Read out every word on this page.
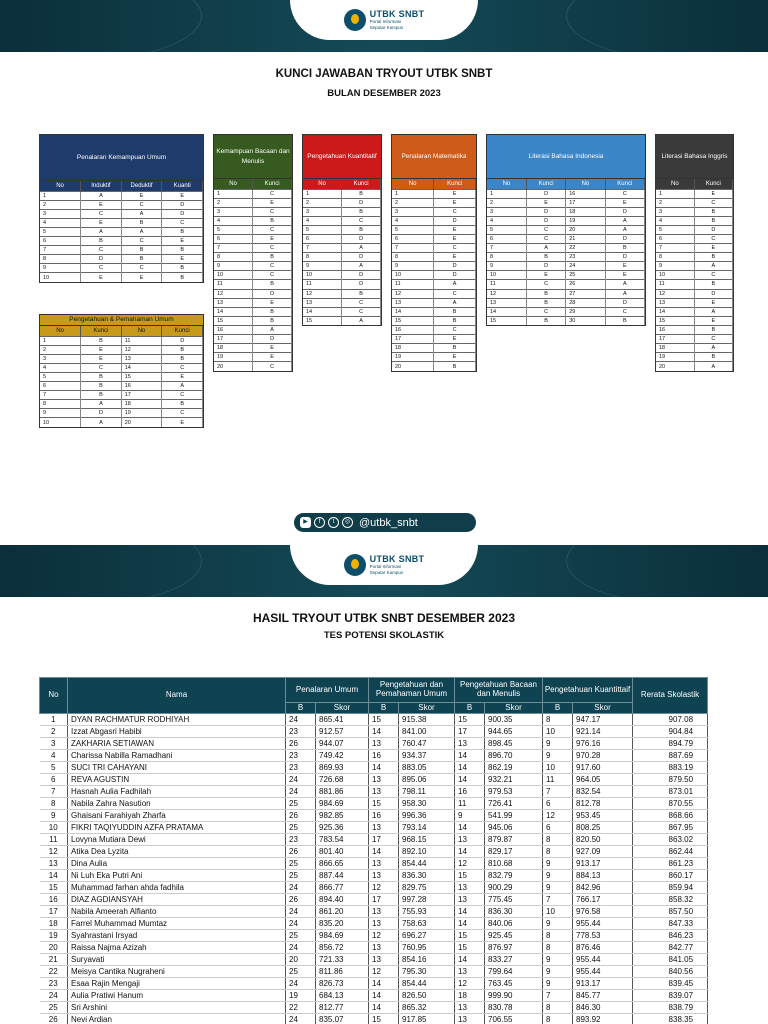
UTBK SNBT
Portal Informasi
Seputar Kampus
KUNCI JAWABAN TRYOUT UTBK SNBT
BULAN DESEMBER 2023
Penalaran Kemampuan Umum
No	Induktif	Deduktif	Kuanti
1	A	E	E
2	E	C	D
3	C	A	D
4	E	B	C
5	A	A	B
6	B	C	E
7	C	B	B
8	D	B	E
9	C	C	B
10	E	E	B
Pengetahuan & Pemahaman Umum
No	Kunci	No	Kunci
1	B	11	D
2	E	12	B
3	E	13	B
4	C	14	C
5	B	15	E
6	B	16	A
7	B	17	C
8	A	18	B
9	D	19	C
10	A	20	E
Kemampuan Bacaan dan Menulis
No	Kunci
1	C
2	E
3	C
4	B
5	C
6	E
7	C
8	B
9	C
10	C
11	B
12	D
13	E
14	B
15	B
16	A
17	D
18	E
19	E
20	C
Pengetahuan Kuantitatif
No	Kunci
1	B
2	D
3	B
4	C
5	B
6	D
7	A
8	D
9	A
10	D
11	D
12	B
13	C
14	C
15	A
Penalaran Matematika
No	Kunci
1	E
2	E
3	C
4	D
5	E
6	E
7	C
8	E
9	D
10	D
11	A
12	C
13	A
14	B
15	B
16	C
17	E
18	B
19	E
20	B
Literasi Bahasa Indonesia
No	Kunci	No	Kunci
1	D	16	C
2	E	17	E
3	D	18	D
4	D	19	A
5	C	20	A
6	C	21	D
7	A	22	B
8	B	23	D
9	D	24	E
10	E	25	E
11	C	26	A
12	B	27	A
13	B	28	D
14	C	29	C
15	B	30	B
Literasi Bahasa Inggris
No	Kunci
1	E
2	C
3	B
4	B
5	D
6	C
7	E
8	B
9	A
10	C
11	B
12	D
13	E
14	A
15	E
16	B
17	C
18	A
19	B
20	A
▶	f	t	◎ @utbk_snbt
UTBK SNBT
Portal Informasi
Seputar Kampus
HASIL TRYOUT UTBK SNBT DESEMBER 2023
TES POTENSI SKOLASTIK
No	Nama	Penalaran Umum		Pengetahuan dan Pemahaman Umum		Pengetahuan Bacaan dan Menulis		Pengetahuan Kuantittaif		Rerata Skolastik
		B	Skor	B	Skor	B	Skor	B	Skor	
1	DYAN RACHMATUR RODHIYAH	24	865.41	15	915.38	15	900.35	8	947.17	907.08
2	Izzat Abgasri Habibi	23	912.57	14	841.00	17	944.65	10	921.14	904.84
3	ZAKHARIA SETIAWAN	26	944.07	13	760.47	13	898.45	9	976.16	894.79
4	Charissa Nabilla Ramadhani	23	749.42	16	934.37	14	896.70	9	970.28	887.69
5	SUCI TRI CAHAYANI	23	869.93	14	883.05	14	862.19	10	917.60	883.19
6	REVA AGUSTIN	24	726.68	13	895.06	14	932.21	11	964.05	879.50
7	Hasnah Aulia Fadhilah	24	881.86	13	798.11	16	979.53	7	832.54	873.01
8	Nabila Zahra Nasution	25	984.69	15	958.30	11	726.41	6	812.78	870.55
9	Ghaisani Farahiyah Zharfa	26	982.85	16	996.36	9	541.99	12	953.45	868.66
10	FIKRI TAQIYUDDIN AZFA PRATAMA	25	925.36	13	793.14	14	945.06	6	808.25	867.95
11	Lovyna Mutiara Dewi	23	783.54	17	968.15	13	879.87	8	820.50	863.02
12	Atika Dea Lyzita	26	801.40	14	892.10	14	829.17	8	927.09	862.44
13	Dina Aulia	25	866.65	13	854.44	12	810.68	9	913.17	861.23
14	Ni Luh Eka Putri Ani	25	887.44	13	836.30	15	832.79	9	884.13	860.17
15	Muhammad farhan ahda fadhila	24	866.77	12	829.75	13	900.29	9	842.96	859.94
16	DIAZ AGDIANSYAH	26	894.40	17	997.28	13	775.45	7	766.17	858.32
17	Nabila Ameerah Alfianto	24	861.20	13	755.93	14	836.30	10	976.58	857.50
18	Farrel Muhammad Mumtaz	24	835.20	13	758.63	14	840.06	9	955.44	847.33
19	Syahrastani Irsyad	25	984.69	12	696.27	15	925.45	8	778.53	846.23
20	Raissa Najma Azizah	24	856.72	13	760.95	15	876.97	8	876.46	842.77
21	Suryavati	20	721.33	13	854.16	14	833.27	9	955.44	841.05
22	Meisya Cantika Nugraheni	25	811.86	12	795.30	13	799.64	9	955.44	840.56
23	Esaa Rajin Mengaji	24	826.73	14	854.44	12	763.45	9	913.17	839.45
24	Aulia Pratiwi Hanum	19	684.13	14	826.50	18	999.90	7	845.77	839.07
25	Sri Arshini	22	812.77	14	865.32	13	830.78	8	846.30	838.79
26	Nevi Ardian	24	835.07	15	917.85	13	706.55	8	893.92	838.35
